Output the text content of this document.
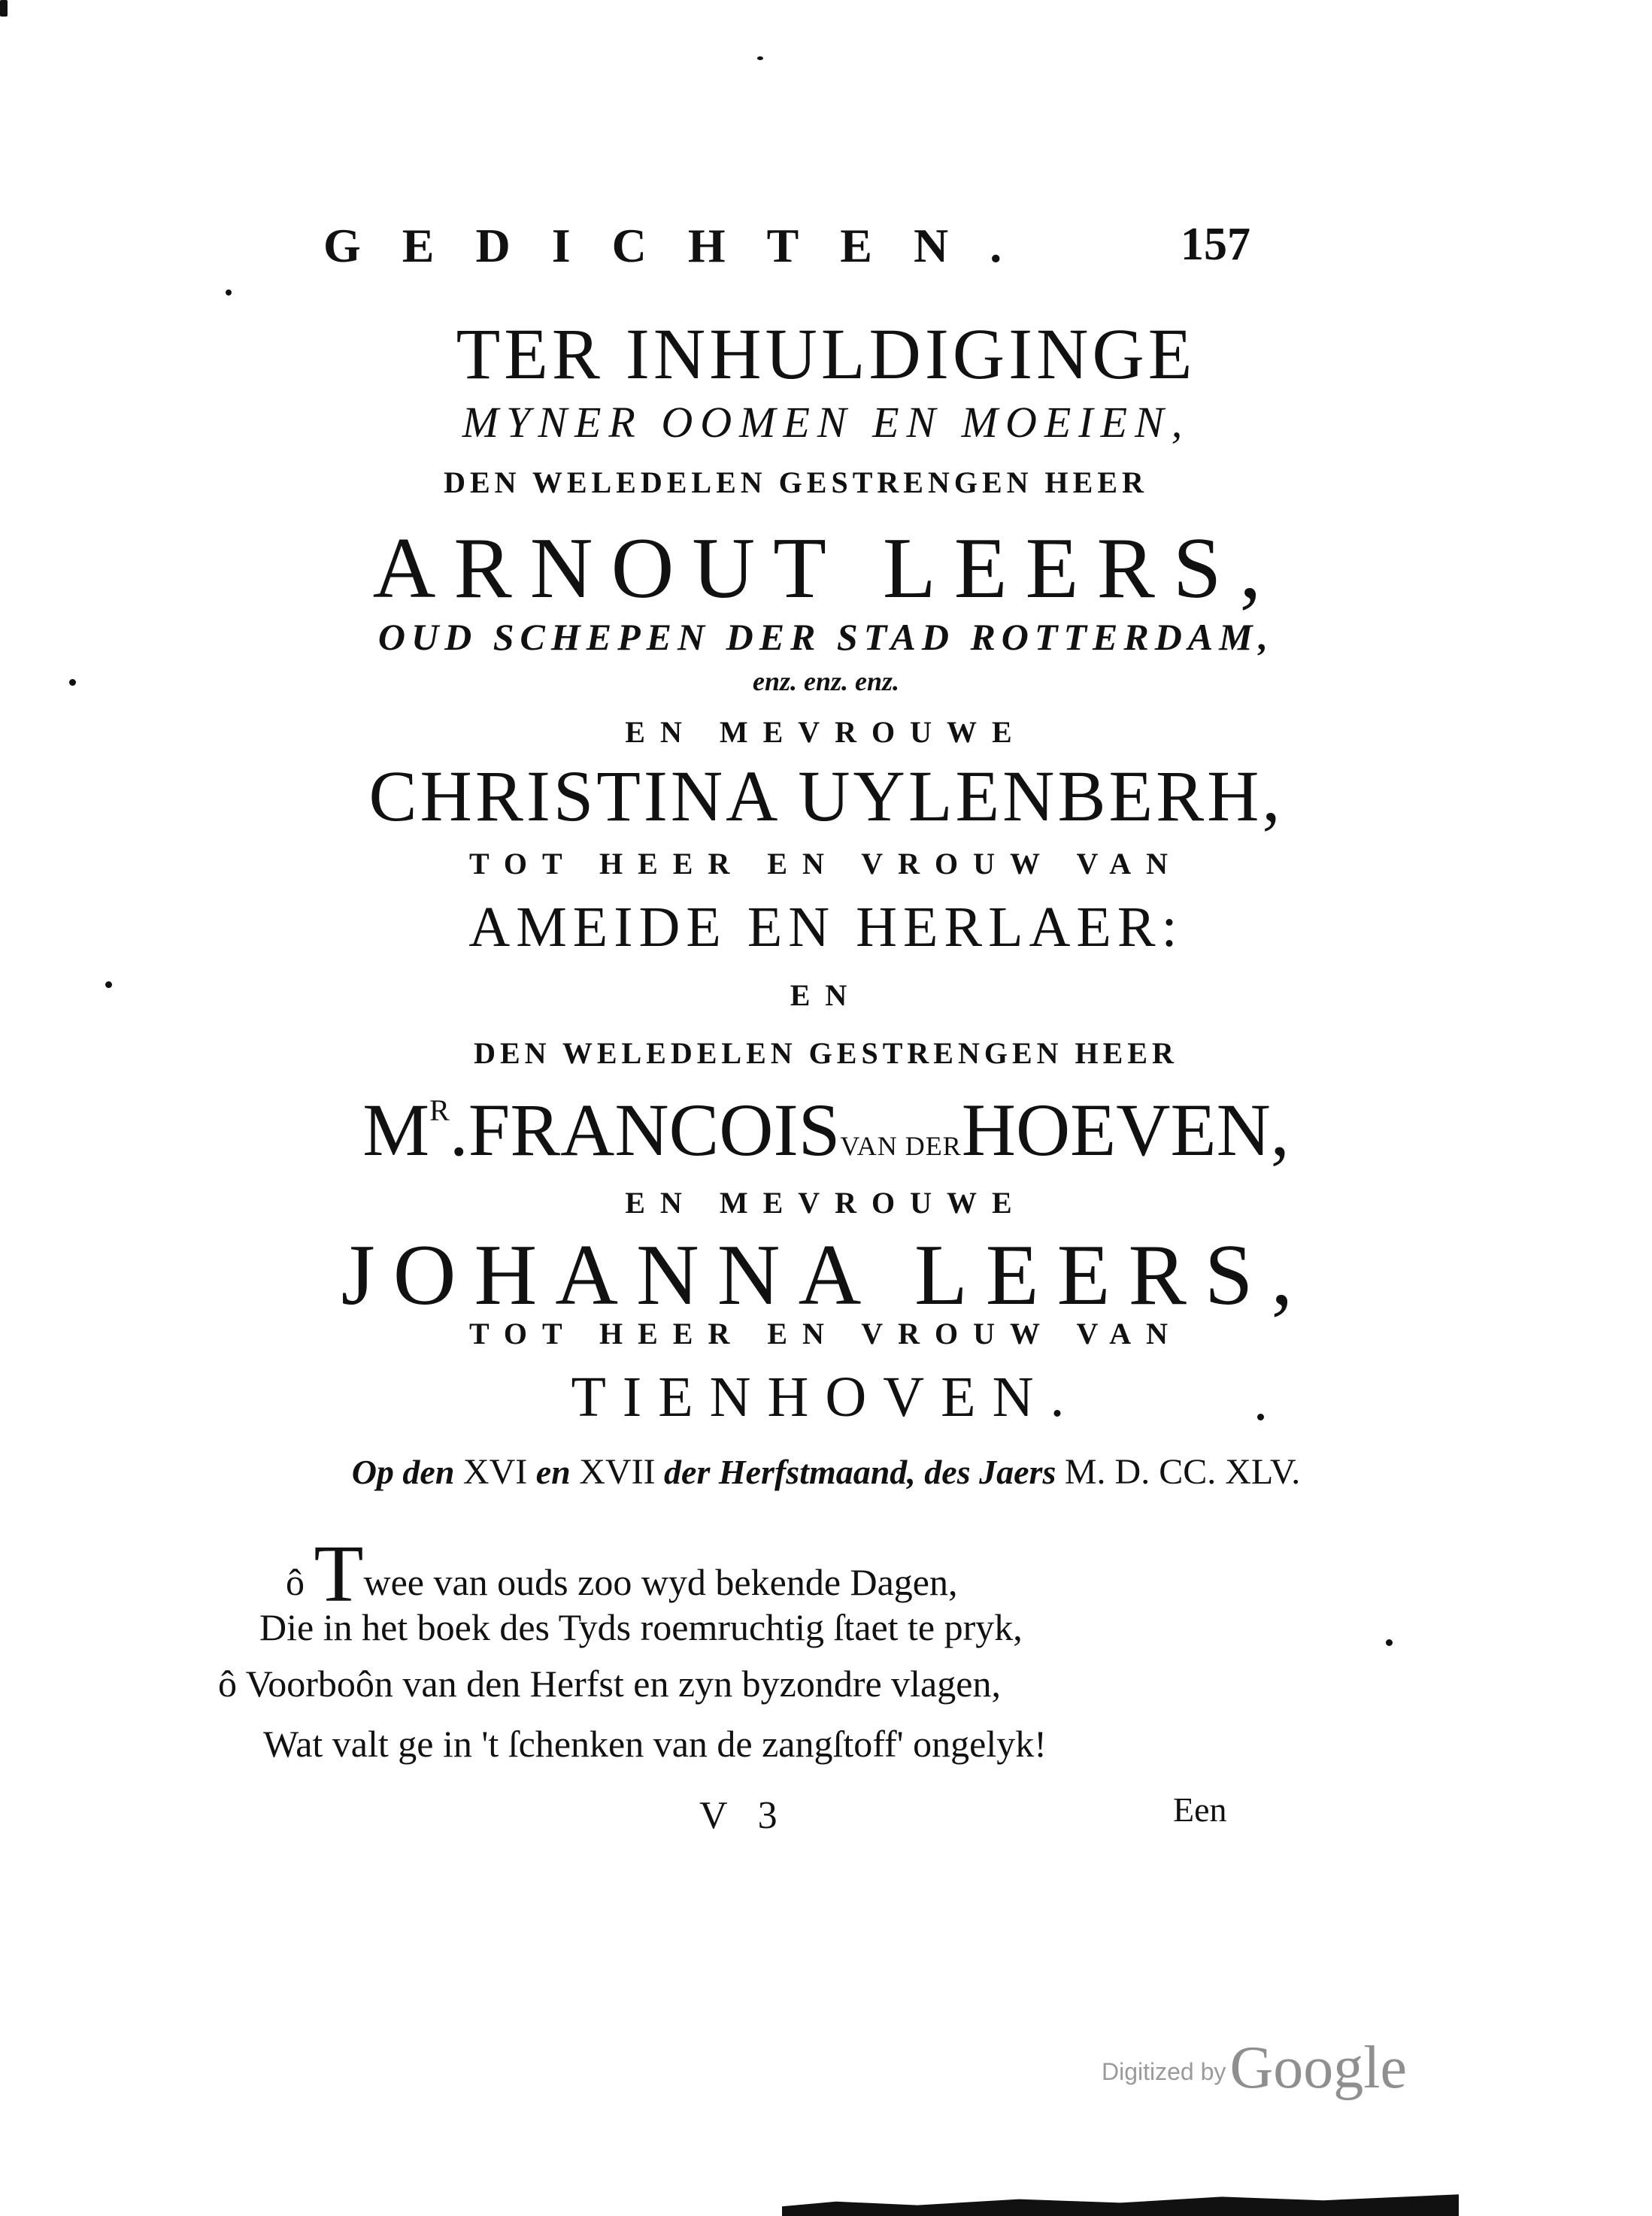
GEDICHTEN.	157
TER INHULDIGINGE
MYNER OOMEN EN MOEIEN,
DEN WELEDELEN GESTRENGEN HEER
ARNOUT LEERS,
OUD SCHEPEN DER STAD ROTTERDAM,
enz. enz. enz.
EN MEVROUWE
CHRISTINA UYLENBERH,
TOT HEER EN VROUW VAN
AMEIDE EN HERLAER:
EN
DEN WELEDELEN GESTRENGEN HEER
$M^R.FRANCOISVAN$ DERHOEVEN,
EN MEVROUWE
JOHANNA LEERS,
TOT HEER EN VROUW VAN
TIENHOVEN.
Op den XVI en XVII der Herfstmaand, des Jaers M. D. CC. XLV.
ô Twee van ouds zoo wyd bekende Dagen,
Die in het boek des Tyds roemruchtig ſtaet te pryk,
ô Voorboôn van den Herfst en zyn byzondre vlagen,
Wat valt ge in 't ſchenken van de zangſtoff' ongelyk!
V 3	Een
Digitized by Google
